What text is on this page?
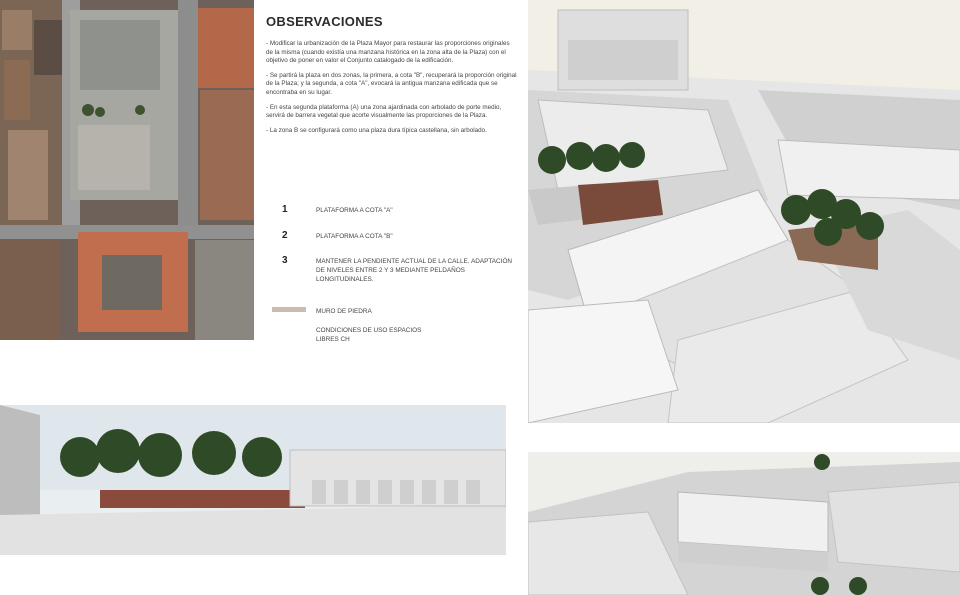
OBSERVACIONES
- Modificar la urbanización de la Plaza Mayor para restaurar las proporciones originales de la misma (cuando existía una manzana histórica en la zona alta de la Plaza) con el objetivo de poner en valor el Conjunto catalogado de la edificación.
- Se partirá la plaza en dos zonas, la primera, a cota "B", recuperará la proporción original de la Plaza; y la segunda, a cota "A", evocará la antigua manzana edificada que se encontraba en su lugar.
- En esta segunda plataforma (A) una zona ajardinada con arbolado de porte medio, servirá de barrera vegetal que acorte visualmente las proporciones de la Plaza.
- La zona B se configurará como una plaza dura típica castellana, sin arbolado.
1	PLATAFORMA A COTA "A"
2	PLATAFORMA A COTA "B"
3	MANTENER LA PENDIENTE ACTUAL DE LA CALLE. ADAPTACIÓN DE NIVELES ENTRE 2 Y 3 MEDIANTE PELDAÑOS LONGITUDINALES.
MURO DE PIEDRA
CONDICIONES DE USO ESPACIOS LIBRES CH
